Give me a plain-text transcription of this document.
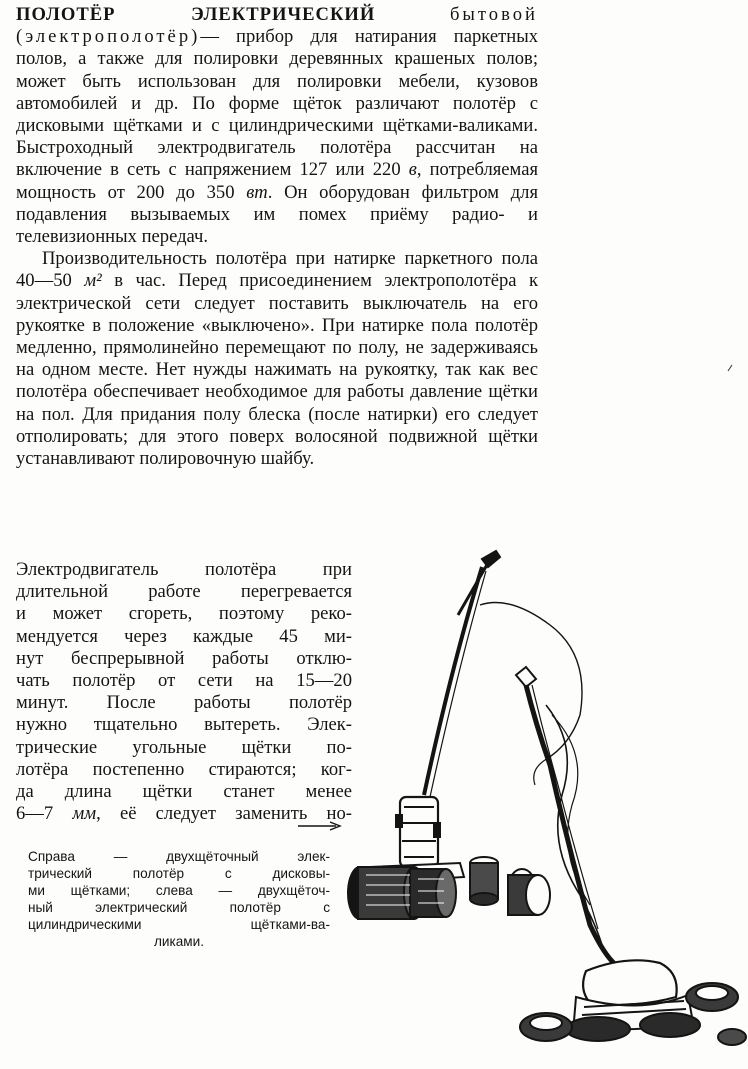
ПОЛОТЁР ЭЛЕКТРИЧЕСКИЙ	бытовой (электрополотёр)— прибор для натирания паркетных полов, а также для полировки деревянных крашеных полов; может быть использован для полировки мебели, кузовов автомобилей и др. По форме щёток различают полотёр с дисковыми щётками и с цилиндрическими щётками-валиками. Быстроходный электродвигатель полотёра рассчитан на включение в сеть с напряжением 127 или 220 в, потребляемая мощность от 200 до 350 вт. Он оборудован фильтром для подавления вызываемых им помех приёму радио- и телевизионных передач.

Производительность полотёра при натирке паркетного пола 40—50 м² в час. Перед присоединением электрополотёра к электрической сети следует поставить выключатель на его рукоятке в положение «выключено». При натирке пола полотёр медленно, прямолинейно перемещают по полу, не задерживаясь на одном месте. Нет нужды нажимать на рукоятку, так как вес полотёра обеспечивает необходимое для работы давление щётки на пол. Для придания полу блеска (после натирки) его следует отполировать; для этого поверх волосяной подвижной щётки устанавливают полировочную шайбу.

Электродвигатель полотёра при
длительной работе перегревается
и может сгореть, поэтому реко-
мендуется через каждые 45 ми-
нут беспрерывной работы отклю-
чать полотёр от сети на 15—20
минут. После работы полотёр
нужно тщательно вытереть. Элек-
трические угольные щётки по-
лотёра постепенно стираются; ког-
да длина щётки станет менее
6—7 мм, её следует заменить но-
Справа — двухщёточный элек-
трический полотёр с дисковы-
ми щётками; слева — двухщёточ-
ный электрический полотёр с
цилиндрическими щётками-ва-
ликами.
